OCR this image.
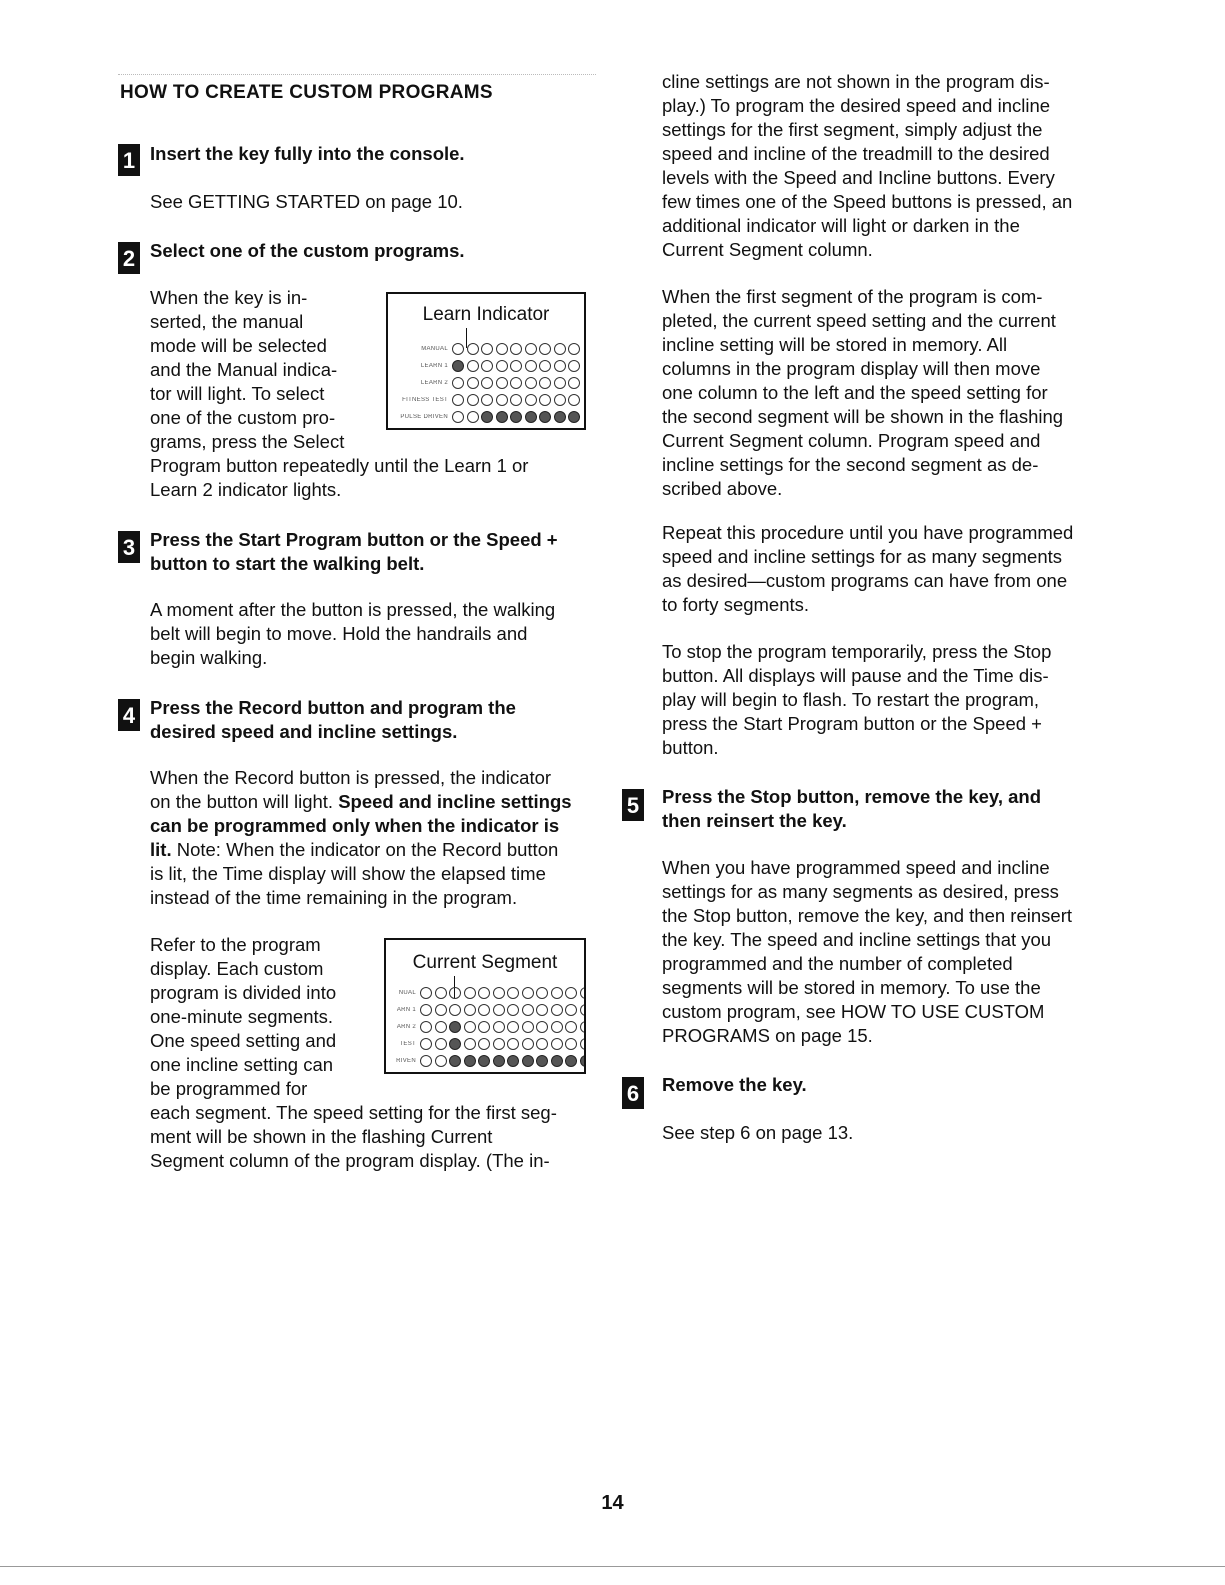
HOW TO CREATE CUSTOM PROGRAMS
1 Insert the key fully into the console.
See GETTING STARTED on page 10.
2 Select one of the custom programs.
When the key is in-
serted, the manual
mode will be selected
and the Manual indica-
tor will light. To select
one of the custom pro-
grams, press the Select
Program button repeatedly until the Learn 1 or
Learn 2 indicator lights.
Learn Indicator
MANUAL
LEARN 1
LEARN 2
FITNESS TEST
PULSE DRIVEN
3 Press the Start Program button or the Speed +
button to start the walking belt.
A moment after the button is pressed, the walking
belt will begin to move. Hold the handrails and
begin walking.
4 Press the Record button and program the
desired speed and incline settings.
When the Record button is pressed, the indicator
on the button will light. Speed and incline settings
can be programmed only when the indicator is
lit. Note: When the indicator on the Record button
is lit, the Time display will show the elapsed time
instead of the time remaining in the program.
Refer to the program
display. Each custom
program is divided into
one-minute segments.
One speed setting and
one incline setting can
be programmed for
each segment. The speed setting for the first seg-
ment will be shown in the flashing Current
Segment column of the program display. (The in-
Current Segment
NUAL
ARN 1
ARN 2
TEST
RIVEN
cline settings are not shown in the program dis-
play.) To program the desired speed and incline
settings for the first segment, simply adjust the
speed and incline of the treadmill to the desired
levels with the Speed and Incline buttons. Every
few times one of the Speed buttons is pressed, an
additional indicator will light or darken in the
Current Segment column.
When the first segment of the program is com-
pleted, the current speed setting and the current
incline setting will be stored in memory. All
columns in the program display will then move
one column to the left and the speed setting for
the second segment will be shown in the flashing
Current Segment column. Program speed and
incline settings for the second segment as de-
scribed above.
Repeat this procedure until you have programmed
speed and incline settings for as many segments
as desired—custom programs can have from one
to forty segments.
To stop the program temporarily, press the Stop
button. All displays will pause and the Time dis-
play will begin to flash. To restart the program,
press the Start Program button or the Speed +
button.
5 Press the Stop button, remove the key, and
then reinsert the key.
When you have programmed speed and incline
settings for as many segments as desired, press
the Stop button, remove the key, and then reinsert
the key. The speed and incline settings that you
programmed and the number of completed
segments will be stored in memory. To use the
custom program, see HOW TO USE CUSTOM
PROGRAMS on page 15.
6 Remove the key.
See step 6 on page 13.
14
